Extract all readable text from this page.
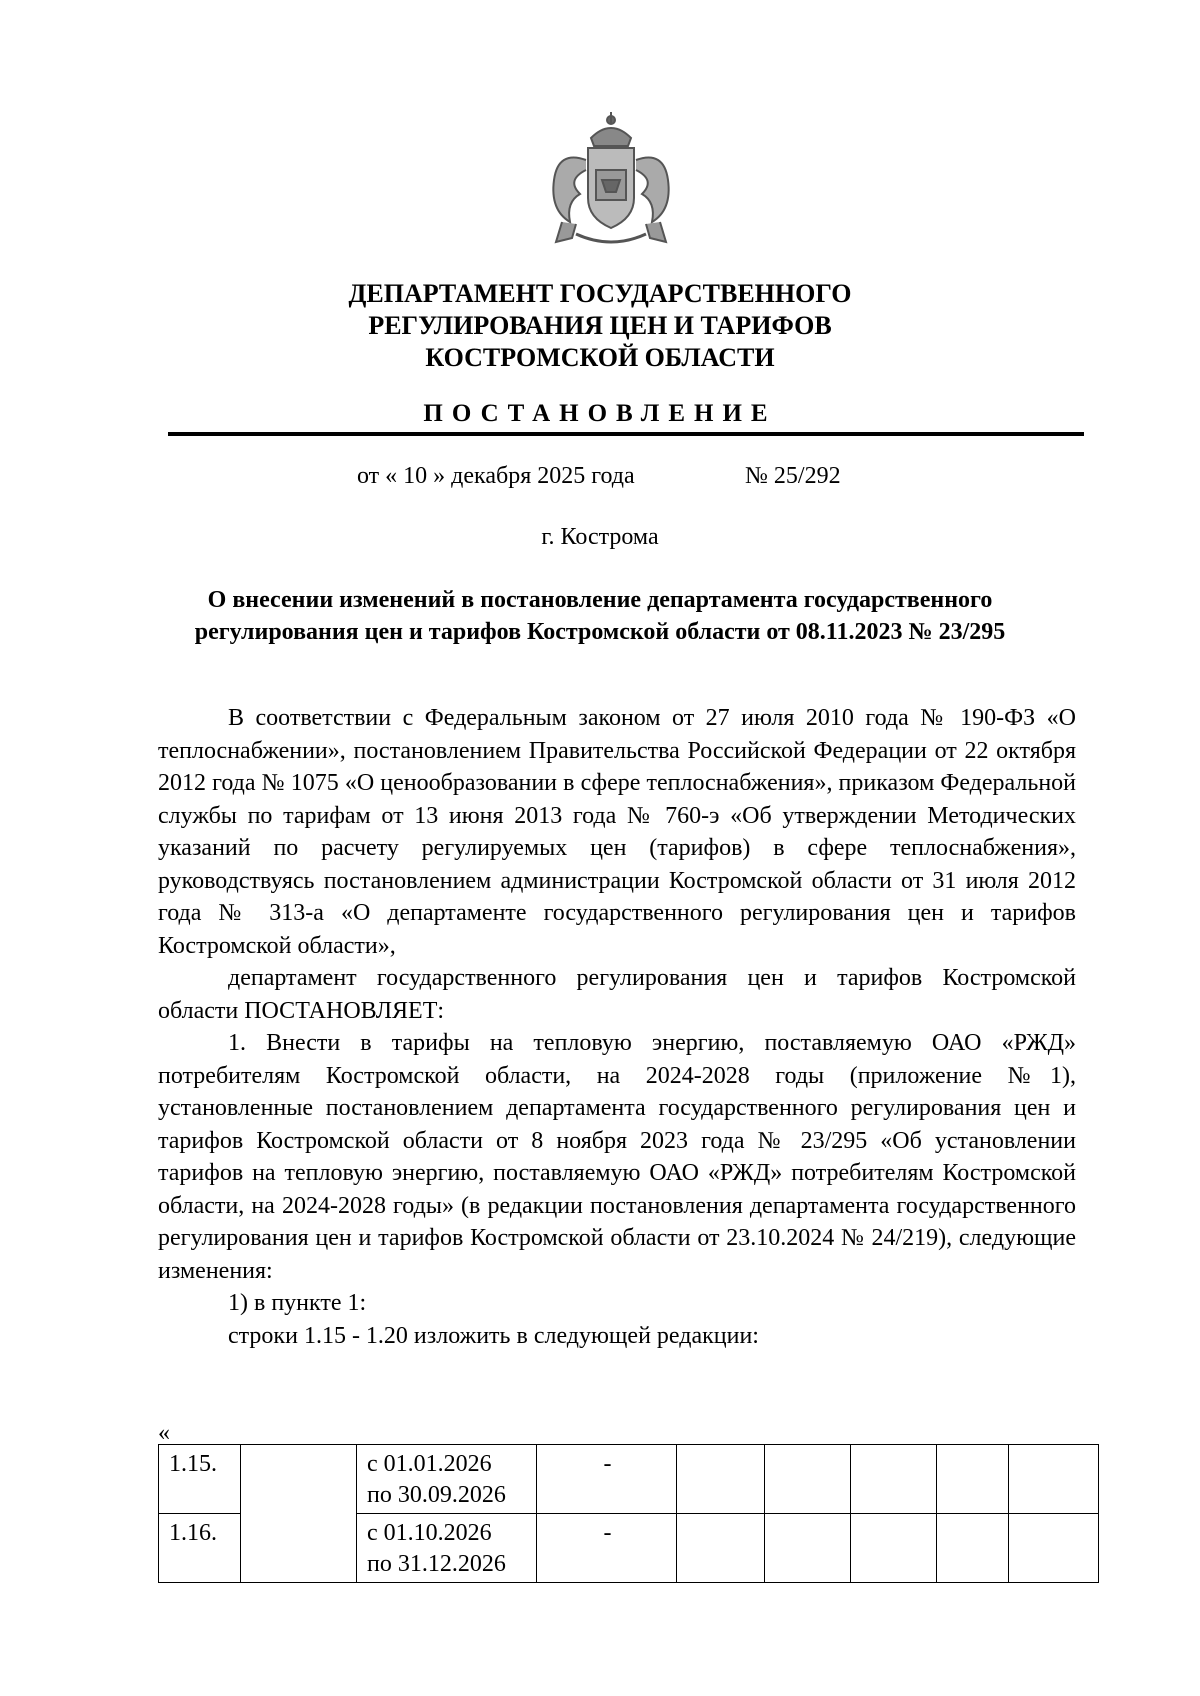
ДЕПАРТАМЕНТ ГОСУДАРСТВЕННОГО
РЕГУЛИРОВАНИЯ ЦЕН И ТАРИФОВ
КОСТРОМСКОЙ ОБЛАСТИ
ПОСТАНОВЛЕНИЕ
от « 10 » декабря 2025 года	№ 25/292
г. Кострома
О внесении изменений в постановление департамента государственного
регулирования цен и тарифов Костромской области от 08.11.2023 № 23/295

В соответствии с Федеральным законом от 27 июля 2010 года № 190-ФЗ «О теплоснабжении», постановлением Правительства Российской Федерации от 22 октября 2012 года № 1075 «О ценообразовании в сфере теплоснабжения», приказом Федеральной службы по тарифам от 13 июня 2013 года № 760-э «Об утверждении Методических указаний по расчету регулируемых цен (тарифов) в сфере теплоснабжения», руководствуясь постановлением администрации Костромской области от 31 июля 2012 года № 313-а «О департаменте государственного регулирования цен и тарифов Костромской области»,

департамент государственного регулирования цен и тарифов Костромской области ПОСТАНОВЛЯЕТ:

1. Внести в тарифы на тепловую энергию, поставляемую ОАО «РЖД» потребителям Костромской области, на 2024-2028 годы (приложение №1), установленные постановлением департамента государственного регулирования цен и тарифов Костромской области от 8 ноября 2023 года № 23/295 «Об установлении тарифов на тепловую энергию, поставляемую ОАО «РЖД» потребителям Костромской области, на 2024-2028 годы» (в редакции постановления департамента государственного регулирования цен и тарифов Костромской области от 23.10.2024 № 24/219), следующие изменения:

1) в пункте 1:

строки 1.15 - 1.20 изложить в следующей редакции:

«
1.15.		с 01.01.2026
по 30.09.2026	-					
1.16.		с 01.10.2026
по 31.12.2026	-					
